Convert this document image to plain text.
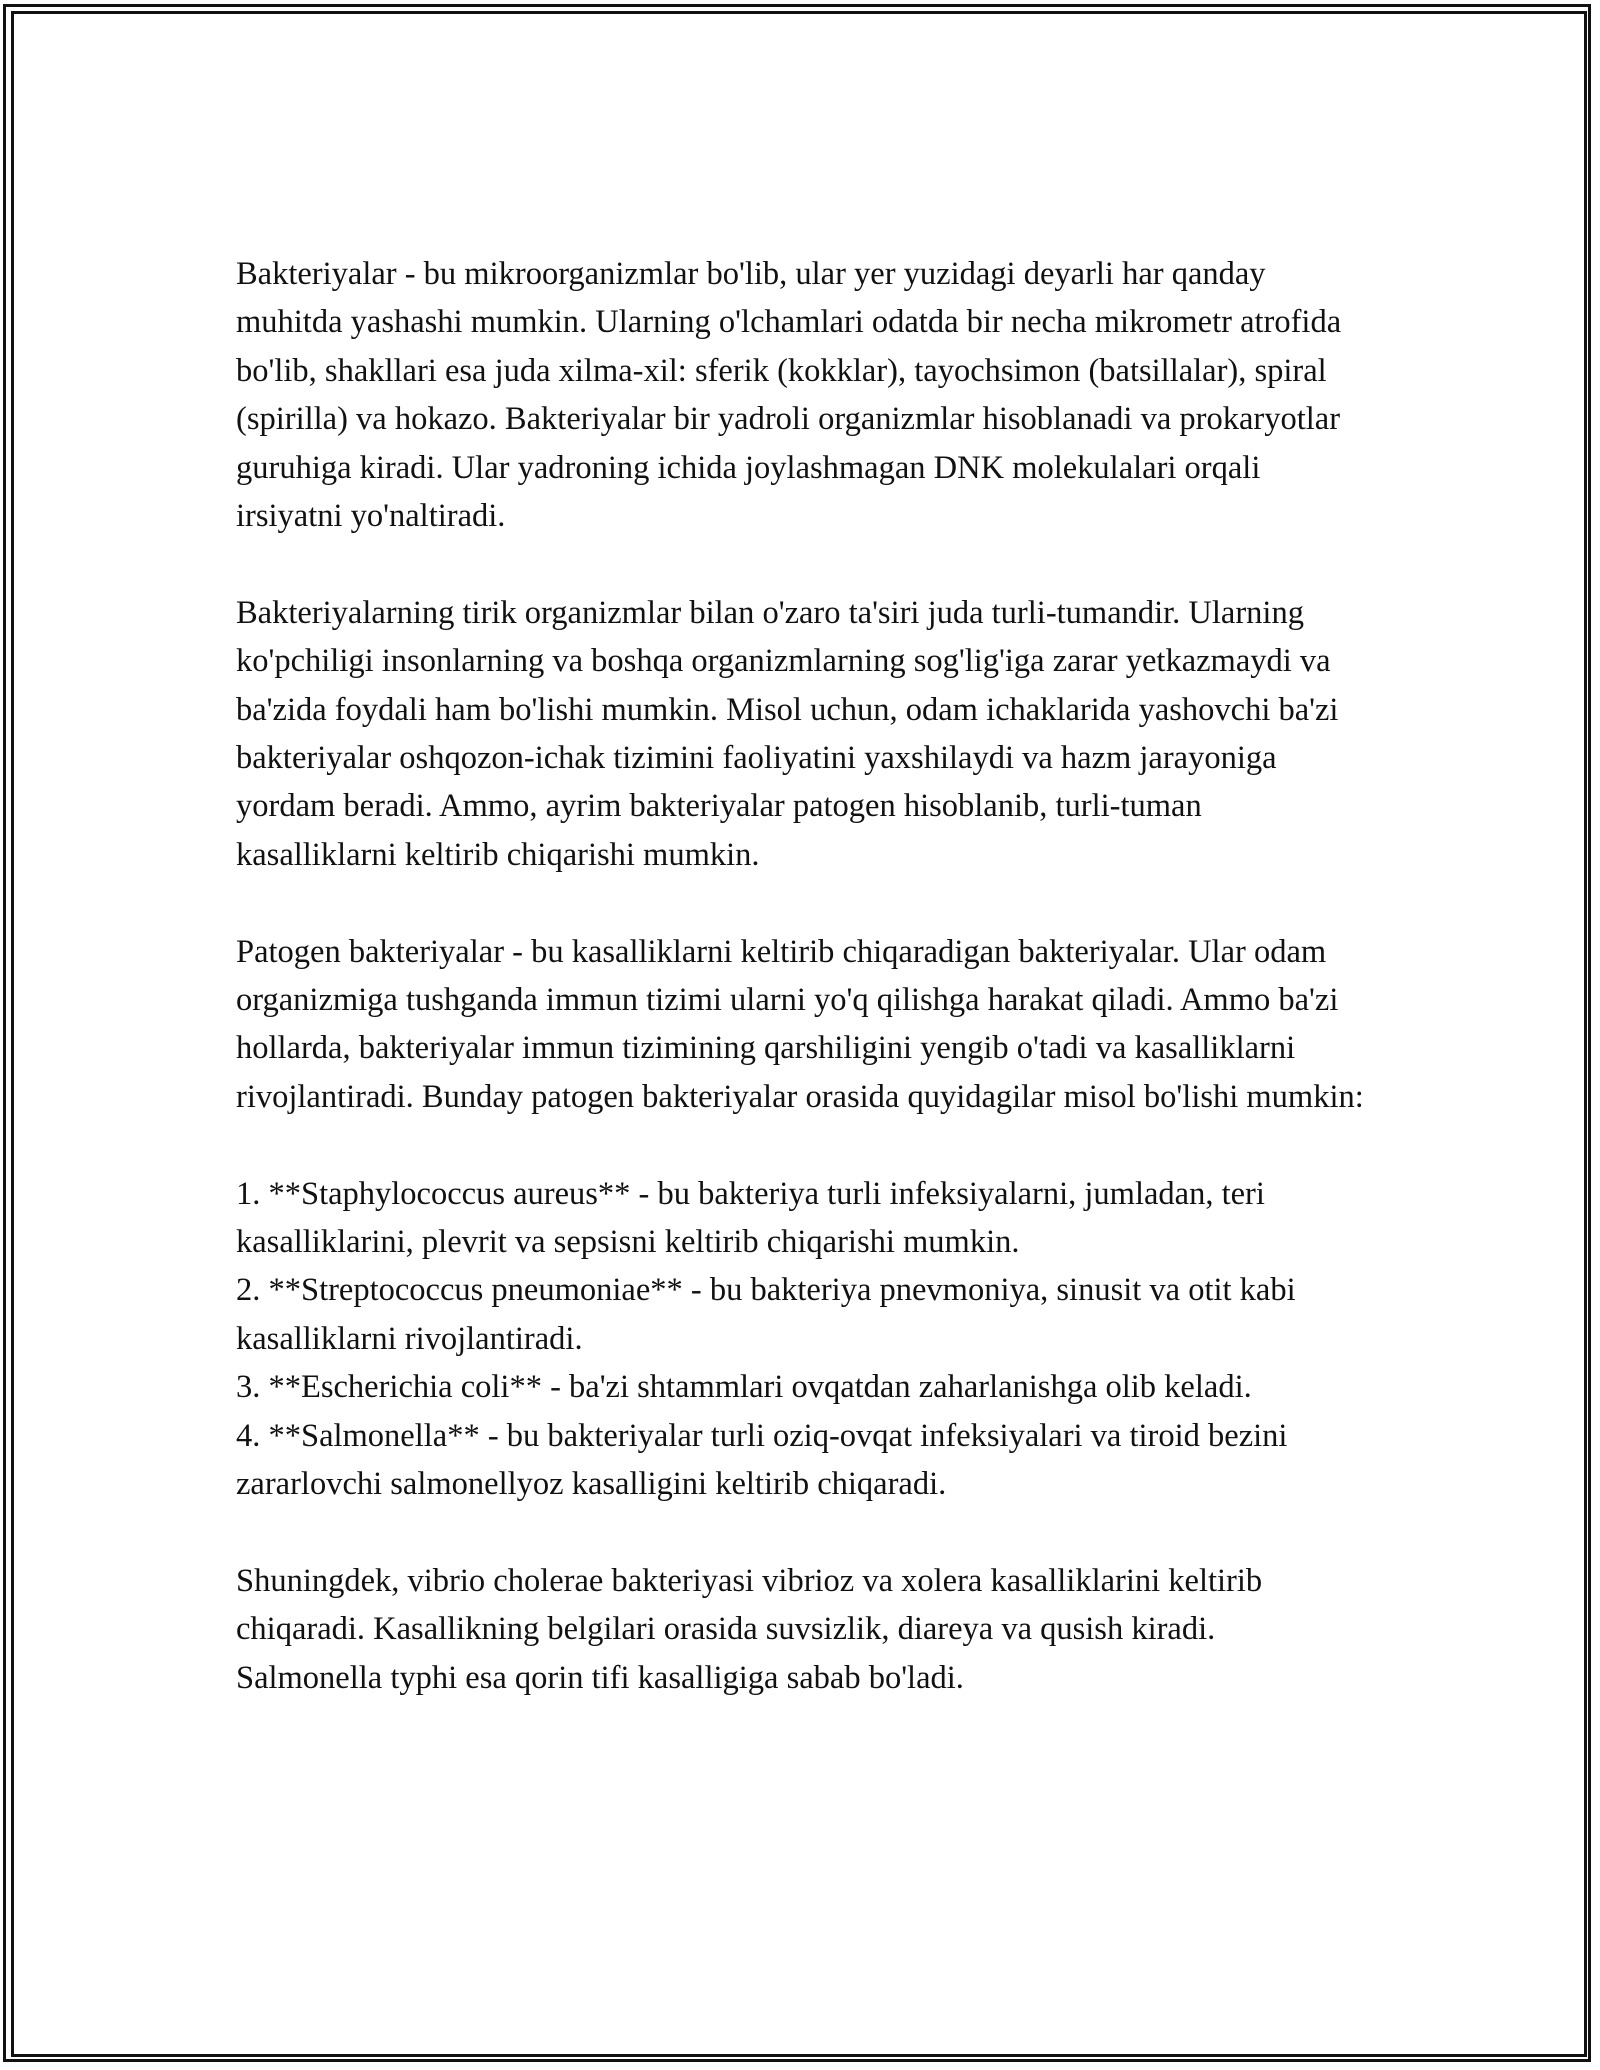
Bakteriyalar - bu mikroorganizmlar bo'lib, ular yer yuzidagi deyarli har qanday muhitda yashashi mumkin. Ularning o'lchamlari odatda bir necha mikrometr atrofida bo'lib, shakllari esa juda xilma-xil: sferik (kokklar), tayochsimon (batsillalar), spiral (spirilla) va hokazo. Bakteriyalar bir yadroli organizmlar hisoblanadi va prokaryotlar guruhiga kiradi. Ular yadroning ichida joylashmagan DNK molekulalari orqali irsiyatni yo'naltiradi.

Bakteriyalarning tirik organizmlar bilan o'zaro ta'siri juda turli-tumandir. Ularning ko'pchiligi insonlarning va boshqa organizmlarning sog'lig'iga zarar yetkazmaydi va ba'zida foydali ham bo'lishi mumkin. Misol uchun, odam ichaklarida yashovchi ba'zi bakteriyalar oshqozon-ichak tizimini faoliyatini yaxshilaydi va hazm jarayoniga yordam beradi. Ammo, ayrim bakteriyalar patogen hisoblanib, turli-tuman kasalliklarni keltirib chiqarishi mumkin.

Patogen bakteriyalar - bu kasalliklarni keltirib chiqaradigan bakteriyalar. Ular odam organizmiga tushganda immun tizimi ularni yo'q qilishga harakat qiladi. Ammo ba'zi hollarda, bakteriyalar immun tizimining qarshiligini yengib o'tadi va kasalliklarni rivojlantiradi. Bunday patogen bakteriyalar orasida quyidagilar misol bo'lishi mumkin:

1. **Staphylococcus aureus** - bu bakteriya turli infeksiyalarni, jumladan, teri kasalliklarini, plevrit va sepsisni keltirib chiqarishi mumkin.
2. **Streptococcus pneumoniae** - bu bakteriya pnevmoniya, sinusit va otit kabi kasalliklarni rivojlantiradi.
3. **Escherichia coli** - ba'zi shtammlari ovqatdan zaharlanishga olib keladi.
4. **Salmonella** - bu bakteriyalar turli oziq-ovqat infeksiyalari va tiroid bezini zararlovchi salmonellyoz kasalligini keltirib chiqaradi.

Shuningdek, vibrio cholerae bakteriyasi vibrioz va xolera kasalliklarini keltirib chiqaradi. Kasallikning belgilari orasida suvsizlik, diareya va qusish kiradi. Salmonella typhi esa qorin tifi kasalligiga sabab bo'ladi.
